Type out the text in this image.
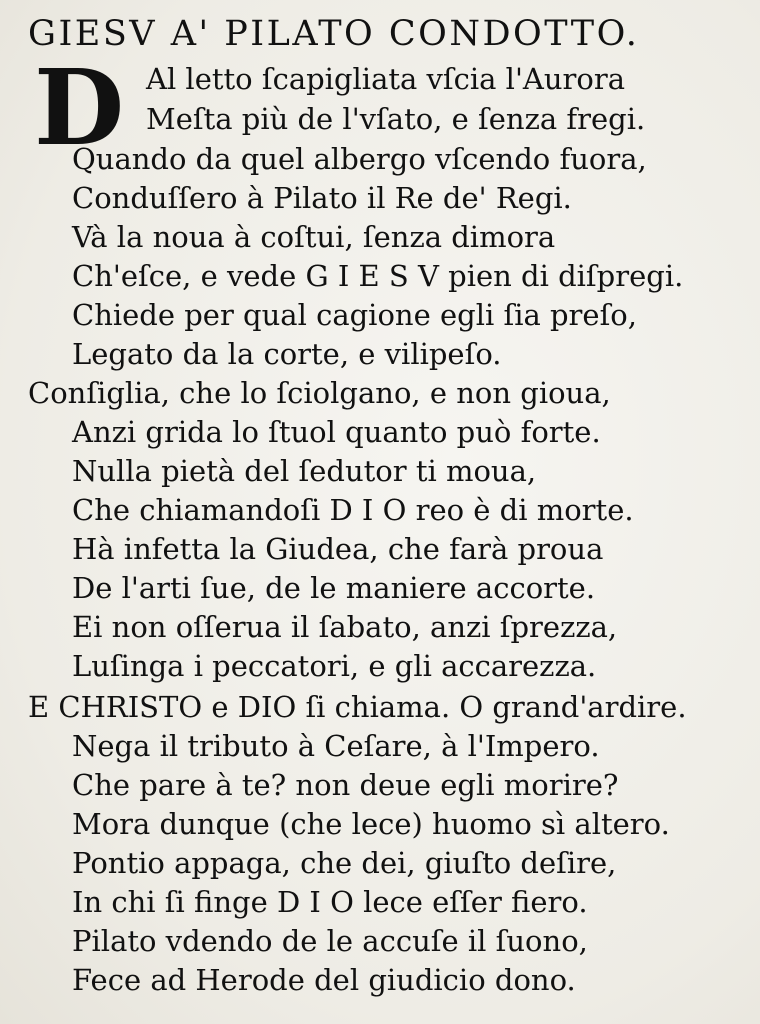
GIESV A' PILATO CONDOTTO.
D Al letto ſcapigliata vſcia l'Aurora
Meſta più de l'vſato, e ſenza fregi.
Quando da quel albergo vſcendo fuora,
Conduſſero à Pilato il Re de' Regi.
Và la noua à coſtui, ſenza dimora
Ch'eſce, e vede G I E S V pien di diſpregi.
Chiede per qual cagione egli ſia preſo,
Legato da la corte, e vilipeſo.
Conſiglia, che lo ſciolgano, e non gioua,
Anzi grida lo ſtuol quanto può forte.
Nulla pietà del ſedutor ti moua,
Che chiamandoſi D I O reo è di morte.
Hà infetta la Giudea, che farà proua
De l'arti ſue, de le maniere accorte.
Ei non oſſerua il ſabato, anzi ſprezza,
Luſinga i peccatori, e gli accarezza.
E CHRISTO e DIO ſi chiama. O grand'ardire.
Nega il tributo à Ceſare, à l'Impero.
Che pare à te? non deue egli morire?
Mora dunque (che lece) huomo sì altero.
Pontio appaga, che dei, giuſto deſire,
In chi ſi finge D I O lece eſſer fiero.
Pilato vdendo de le accuſe il ſuono,
Fece ad Herode del giudicio dono.
